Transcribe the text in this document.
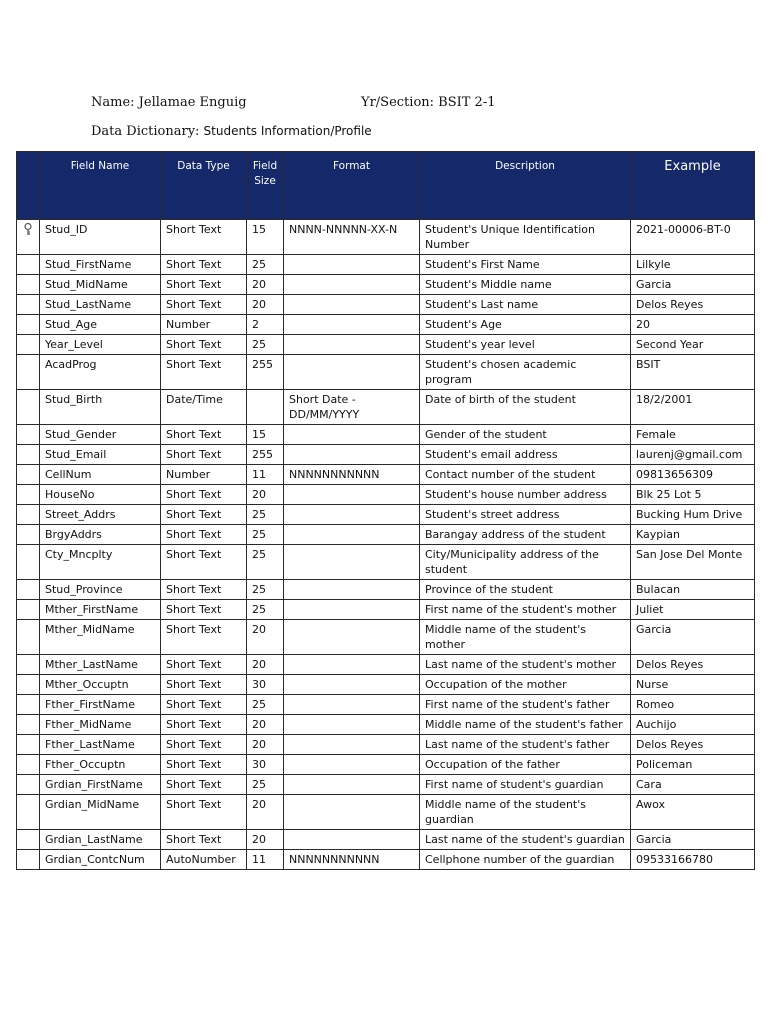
Name: Jellamae Enguig	Yr/Section: BSIT 2-1
Data Dictionary: Students Information/Profile
	Field Name	Data Type	Field Size	Format	Description	Example
	Stud_ID	Short Text	15	NNNN-NNNNN-XX-N	Student's Unique Identification Number	2021-00006-BT-0
	Stud_FirstName	Short Text	25		Student's First Name	Lilkyle
	Stud_MidName	Short Text	20		Student's Middle name	Garcia
	Stud_LastName	Short Text	20		Student's Last name	Delos Reyes
	Stud_Age	Number	2		Student's Age	20
	Year_Level	Short Text	25		Student's year level	Second Year
	AcadProg	Short Text	255		Student's chosen academic program	BSIT
	Stud_Birth	Date/Time		Short Date - DD/MM/YYYY	Date of birth of the student	18/2/2001
	Stud_Gender	Short Text	15		Gender of the student	Female
	Stud_Email	Short Text	255		Student's email address	laurenj@gmail.com
	CellNum	Number	11	NNNNNNNNNNN	Contact number of the student	09813656309
	HouseNo	Short Text	20		Student's house number address	Blk 25 Lot 5
	Street_Addrs	Short Text	25		Student's street address	Bucking Hum Drive
	BrgyAddrs	Short Text	25		Barangay address of the student	Kaypian
	Cty_Mncplty	Short Text	25		City/Municipality address of the student	San Jose Del Monte
	Stud_Province	Short Text	25		Province of the student	Bulacan
	Mther_FirstName	Short Text	25		First name of the student's mother	Juliet
	Mther_MidName	Short Text	20		Middle name of the student's mother	Garcia
	Mther_LastName	Short Text	20		Last name of the student's mother	Delos Reyes
	Mther_Occuptn	Short Text	30		Occupation of the mother	Nurse
	Fther_FirstName	Short Text	25		First name of the student's father	Romeo
	Fther_MidName	Short Text	20		Middle name of the student's father	Auchijo
	Fther_LastName	Short Text	20		Last name of the student's father	Delos Reyes
	Fther_Occuptn	Short Text	30		Occupation of the father	Policeman
	Grdian_FirstName	Short Text	25		First name of student's guardian	Cara
	Grdian_MidName	Short Text	20		Middle name of the student's guardian	Awox
	Grdian_LastName	Short Text	20		Last name of the student's guardian	Garcia
	Grdian_ContcNum	AutoNumber	11	NNNNNNNNNNN	Cellphone number of the guardian	09533166780
